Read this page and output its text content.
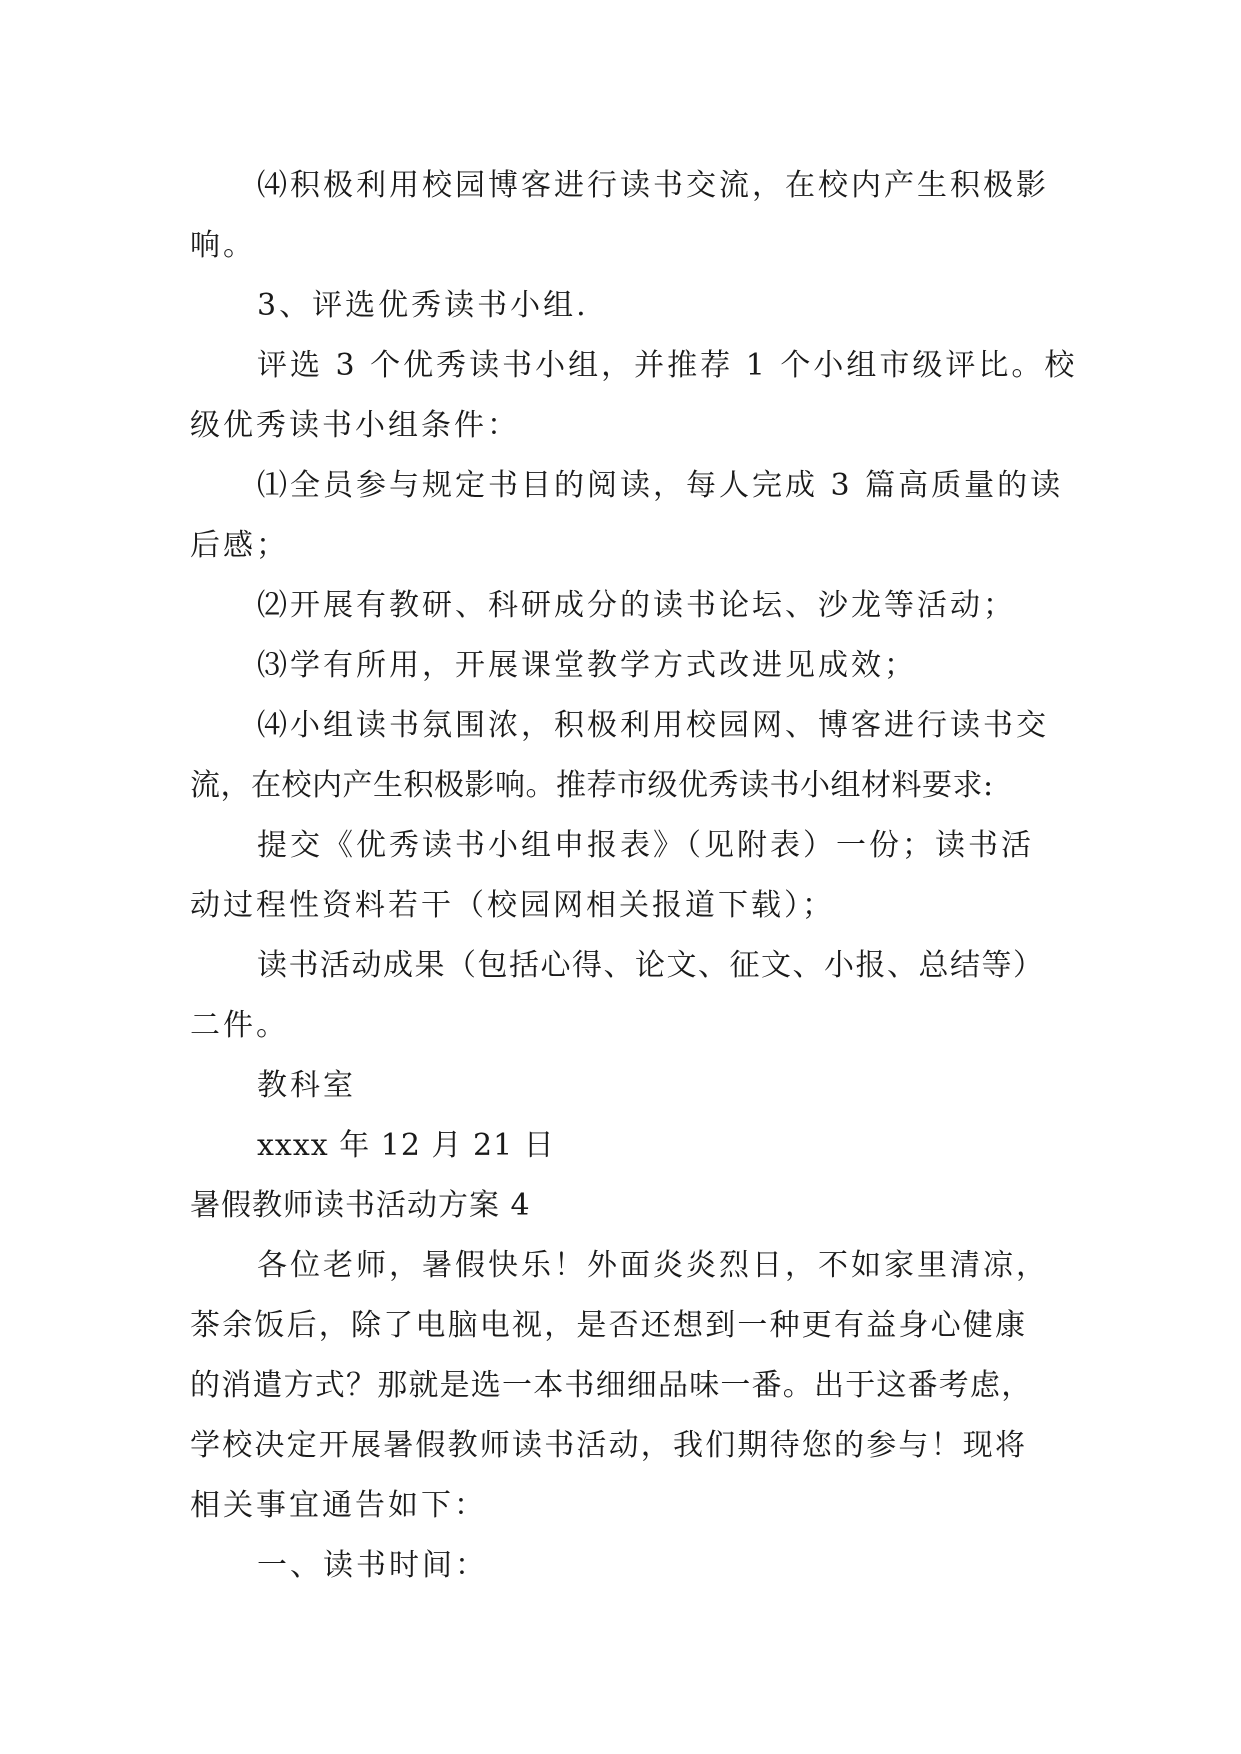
⑷积极利用校园博客进行读书交流，在校内产生积极影
响。
3、评选优秀读书小组.
评选 3 个优秀读书小组，并推荐 1 个小组市级评比。校
级优秀读书小组条件：
⑴全员参与规定书目的阅读，每人完成 3 篇高质量的读
后感；
⑵开展有教研、科研成分的读书论坛、沙龙等活动；
⑶学有所用，开展课堂教学方式改进见成效；
⑷小组读书氛围浓，积极利用校园网、博客进行读书交
流，在校内产生积极影响。推荐市级优秀读书小组材料要求:
提交《优秀读书小组申报表》（见附表）一份；读书活
动过程性资料若干（校园网相关报道下载）；
读书活动成果（包括心得、论文、征文、小报、总结等）
二件。
教科室
xxxx 年 12 月 21 日
暑假教师读书活动方案 4
各位老师，暑假快乐！外面炎炎烈日，不如家里清凉，
茶余饭后，除了电脑电视，是否还想到一种更有益身心健康
的消遣方式？那就是选一本书细细品味一番。出于这番考虑，
学校决定开展暑假教师读书活动，我们期待您的参与！现将
相关事宜通告如下：
一、读书时间：
